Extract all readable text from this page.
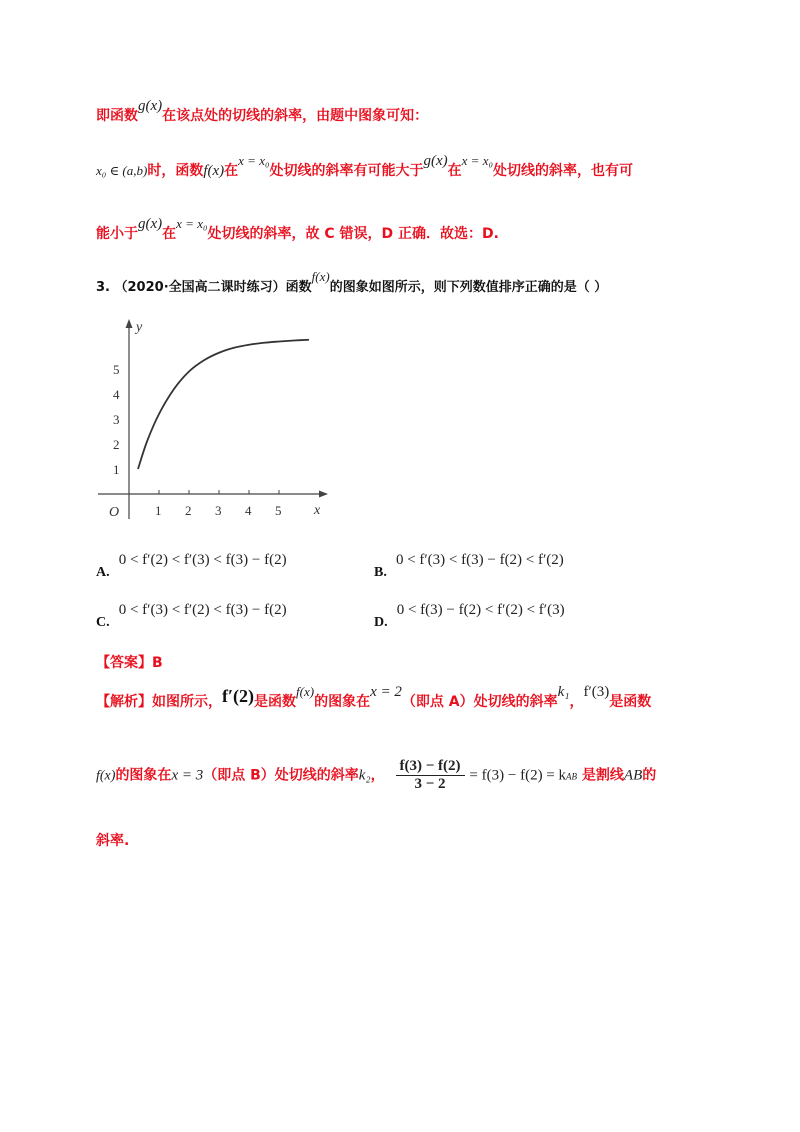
即函数g(x)在该点处的切线的斜率，由题中图象可知：
x₀ ∈ (a,b)时，函数f(x)在x = x₀处切线的斜率有可能大于g(x)在x = x₀处切线的斜率，也有可
能小于g(x)在x = x₀处切线的斜率，故 C 错误，D 正确．故选：D.
3. （2020·全国高二课时练习）函数f(x)的图象如图所示，则下列数值排序正确的是（ ）
x
y
O	1 2 3 4 5
1
2
3
4
5
A. 0 < f′(2) < f′(3) < f(3) − f(2)
B. 0 < f′(3) < f(3) − f(2) < f′(2)
C. 0 < f′(3) < f′(2) < f(3) − f(2)
D. 0 < f(3) − f(2) < f′(2) < f′(3)
【答案】B
【解析】如图所示，f′(2)是函数f(x)的图象在x = 2（即点 A）处切线的斜率k₁，f′(3)是函数
f(x)的图象在x = 3（即点 B）处切线的斜率k₂， $\frac{f(3) - f(2)}{3 - 2} = f(3) - f(2)$ = kAB 是割线AB的
斜率.
